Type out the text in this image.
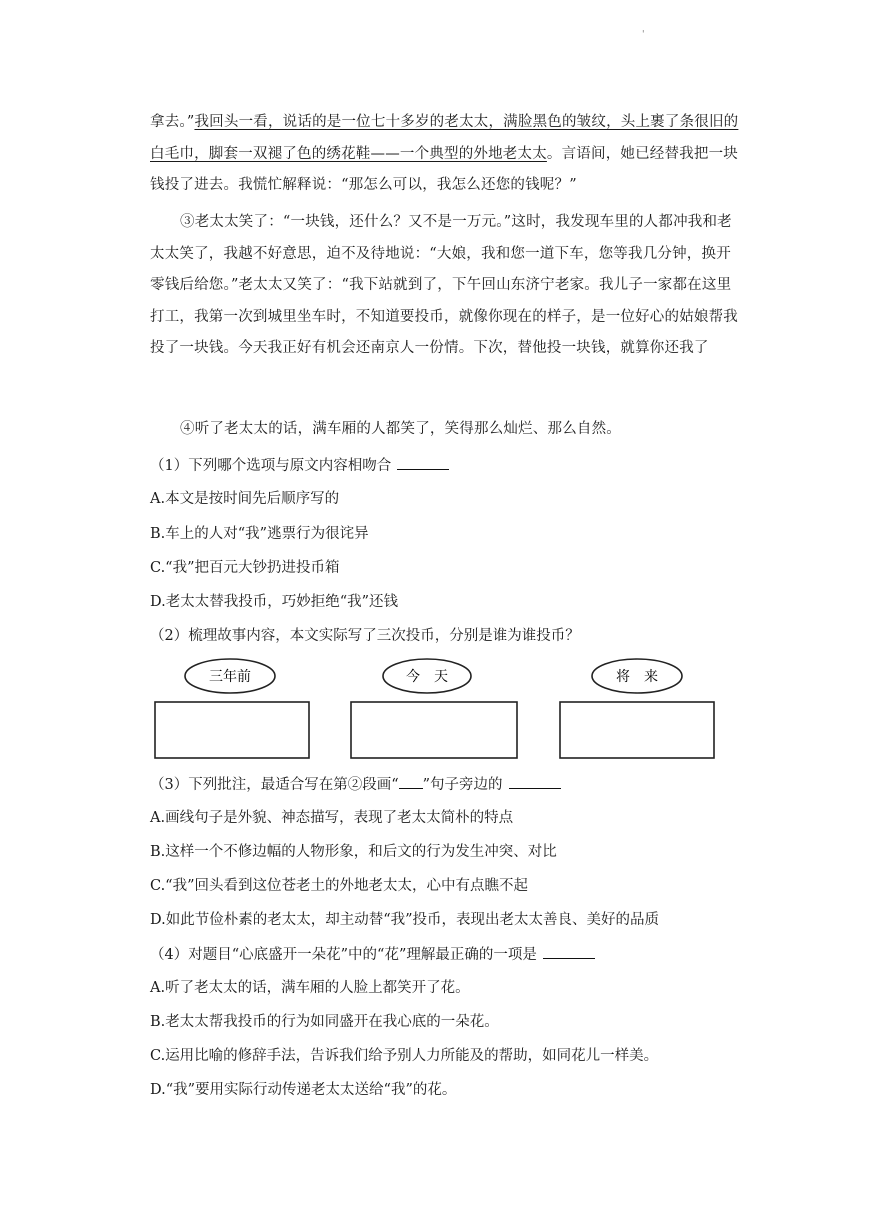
'
拿去。”我回头一看，说话的是一位七十多岁的老太太，满脸黑色的皱纹，头上裹了条很旧的白毛巾，脚套一双褪了色的绣花鞋——一个典型的外地老太太。言语间，她已经替我把一块钱投了进去。我慌忙解释说：“那怎么可以，我怎么还您的钱呢？”
③老太太笑了：“一块钱，还什么？又不是一万元。”这时，我发现车里的人都冲我和老太太笑了，我越不好意思，迫不及待地说：“大娘，我和您一道下车，您等我几分钟，换开零钱后给您。”老太太又笑了：“我下站就到了，下午回山东济宁老家。我儿子一家都在这里打工，我第一次到城里坐车时，不知道要投币，就像你现在的样子，是一位好心的姑娘帮我投了一块钱。今天我正好有机会还南京人一份情。下次，替他投一块钱，就算你还我了
④听了老太太的话，满车厢的人都笑了，笑得那么灿烂、那么自然。
（1）下列哪个选项与原文内容相吻合
A.本文是按时间先后顺序写的
B.车上的人对“我”逃票行为很诧异
C.“我”把百元大钞扔进投币箱
D.老太太替我投币，巧妙拒绝“我”还钱
（2）梳理故事内容，本文实际写了三次投币，分别是谁为谁投币？
三年前	今　天	将　来
（3）下列批注，最适合写在第②段画“ ”句子旁边的
A.画线句子是外貌、神态描写，表现了老太太简朴的特点
B.这样一个不修边幅的人物形象，和后文的行为发生冲突、对比
C.“我”回头看到这位苍老土的外地老太太，心中有点瞧不起
D.如此节俭朴素的老太太，却主动替“我”投币，表现出老太太善良、美好的品质
（4）对题目“心底盛开一朵花”中的“花”理解最正确的一项是
A.听了老太太的话，满车厢的人脸上都笑开了花。
B.老太太帮我投币的行为如同盛开在我心底的一朵花。
C.运用比喻的修辞手法，告诉我们给予别人力所能及的帮助，如同花儿一样美。
D.“我”要用实际行动传递老太太送给“我”的花。
